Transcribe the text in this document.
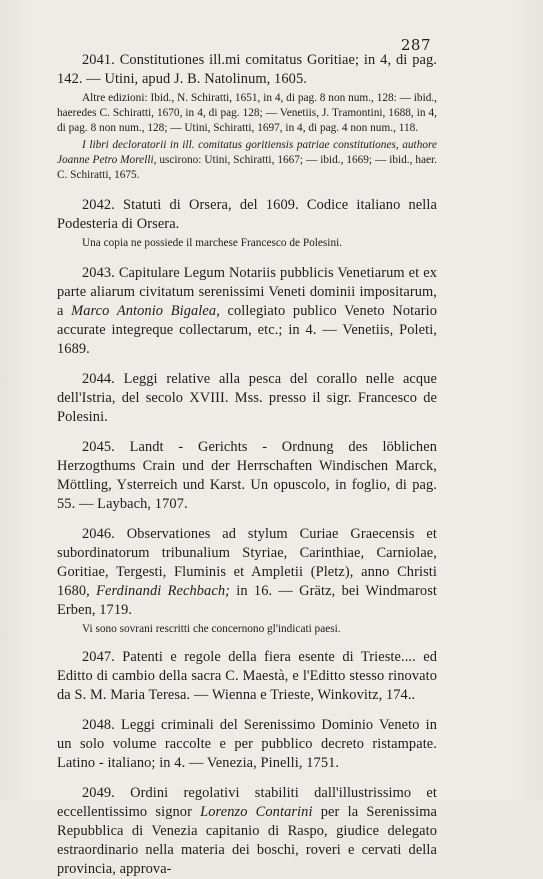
287

2041. Constitutiones ill.mi comitatus Goritiae; in 4, di pag. 142. — Utini, apud J. B. Natolinum, 1605.

Altre edizioni: Ibid., N. Schiratti, 1651, in 4, di pag. 8 non num., 128: — ibid., haeredes C. Schiratti, 1670, in 4, di pag. 128; — Venetiis, J. Tramontini, 1688, in 4, di pag. 8 non num., 128; — Utini, Schiratti, 1697, in 4, di pag. 4 non num., 118.

I libri decloratorii in ill. comitatus goritiensis patriae constitutiones, authore Joanne Petro Morelli, uscirono: Utini, Schiratti, 1667; — ibid., 1669; — ibid., haer. C. Schiratti, 1675.

2042. Statuti di Orsera, del 1609. Codice italiano nella Podesteria di Orsera.

Una copia ne possiede il marchese Francesco de Polesini.

2043. Capitulare Legum Notariis pubblicis Venetiarum et ex parte aliarum civitatum serenissimi Veneti dominii impositarum, a Marco Antonio Bigalea, collegiato publico Veneto Notario accurate integreque collectarum, etc.; in 4. — Venetiis, Poleti, 1689.

2044. Leggi relative alla pesca del corallo nelle acque dell'Istria, del secolo XVIII. Mss. presso il sigr. Francesco de Polesini.

2045. Landt - Gerichts - Ordnung des löblichen Herzogthums Crain und der Herrschaften Windischen Marck, Möttling, Ysterreich und Karst. Un opuscolo, in foglio, di pag. 55. — Laybach, 1707.

2046. Observationes ad stylum Curiae Graecensis et subordinatorum tribunalium Styriae, Carinthiae, Carniolae, Goritiae, Tergesti, Fluminis et Ampletii (Pletz), anno Christi 1680, Ferdinandi Rechbach; in 16. — Grätz, bei Windmarost Erben, 1719.

Vi sono sovrani rescritti che concernono gl'indicati paesi.

2047. Patenti e regole della fiera esente di Trieste.... ed Editto di cambio della sacra C. Maestà, e l'Editto stesso rinovato da S. M. Maria Teresa. — Wienna e Trieste, Winkovitz, 174..

2048. Leggi criminali del Serenissimo Dominio Veneto in un solo volume raccolte e per pubblico decreto ristampate. Latino - italiano; in 4. — Venezia, Pinelli, 1751.

2049. Ordini regolativi stabiliti dall'illustrissimo et eccellentissimo signor Lorenzo Contarini per la Serenissima Repubblica di Venezia capitanio di Raspo, giudice delegato estraordinario nella materia dei boschi, roveri e cervati della provincia, approva-
